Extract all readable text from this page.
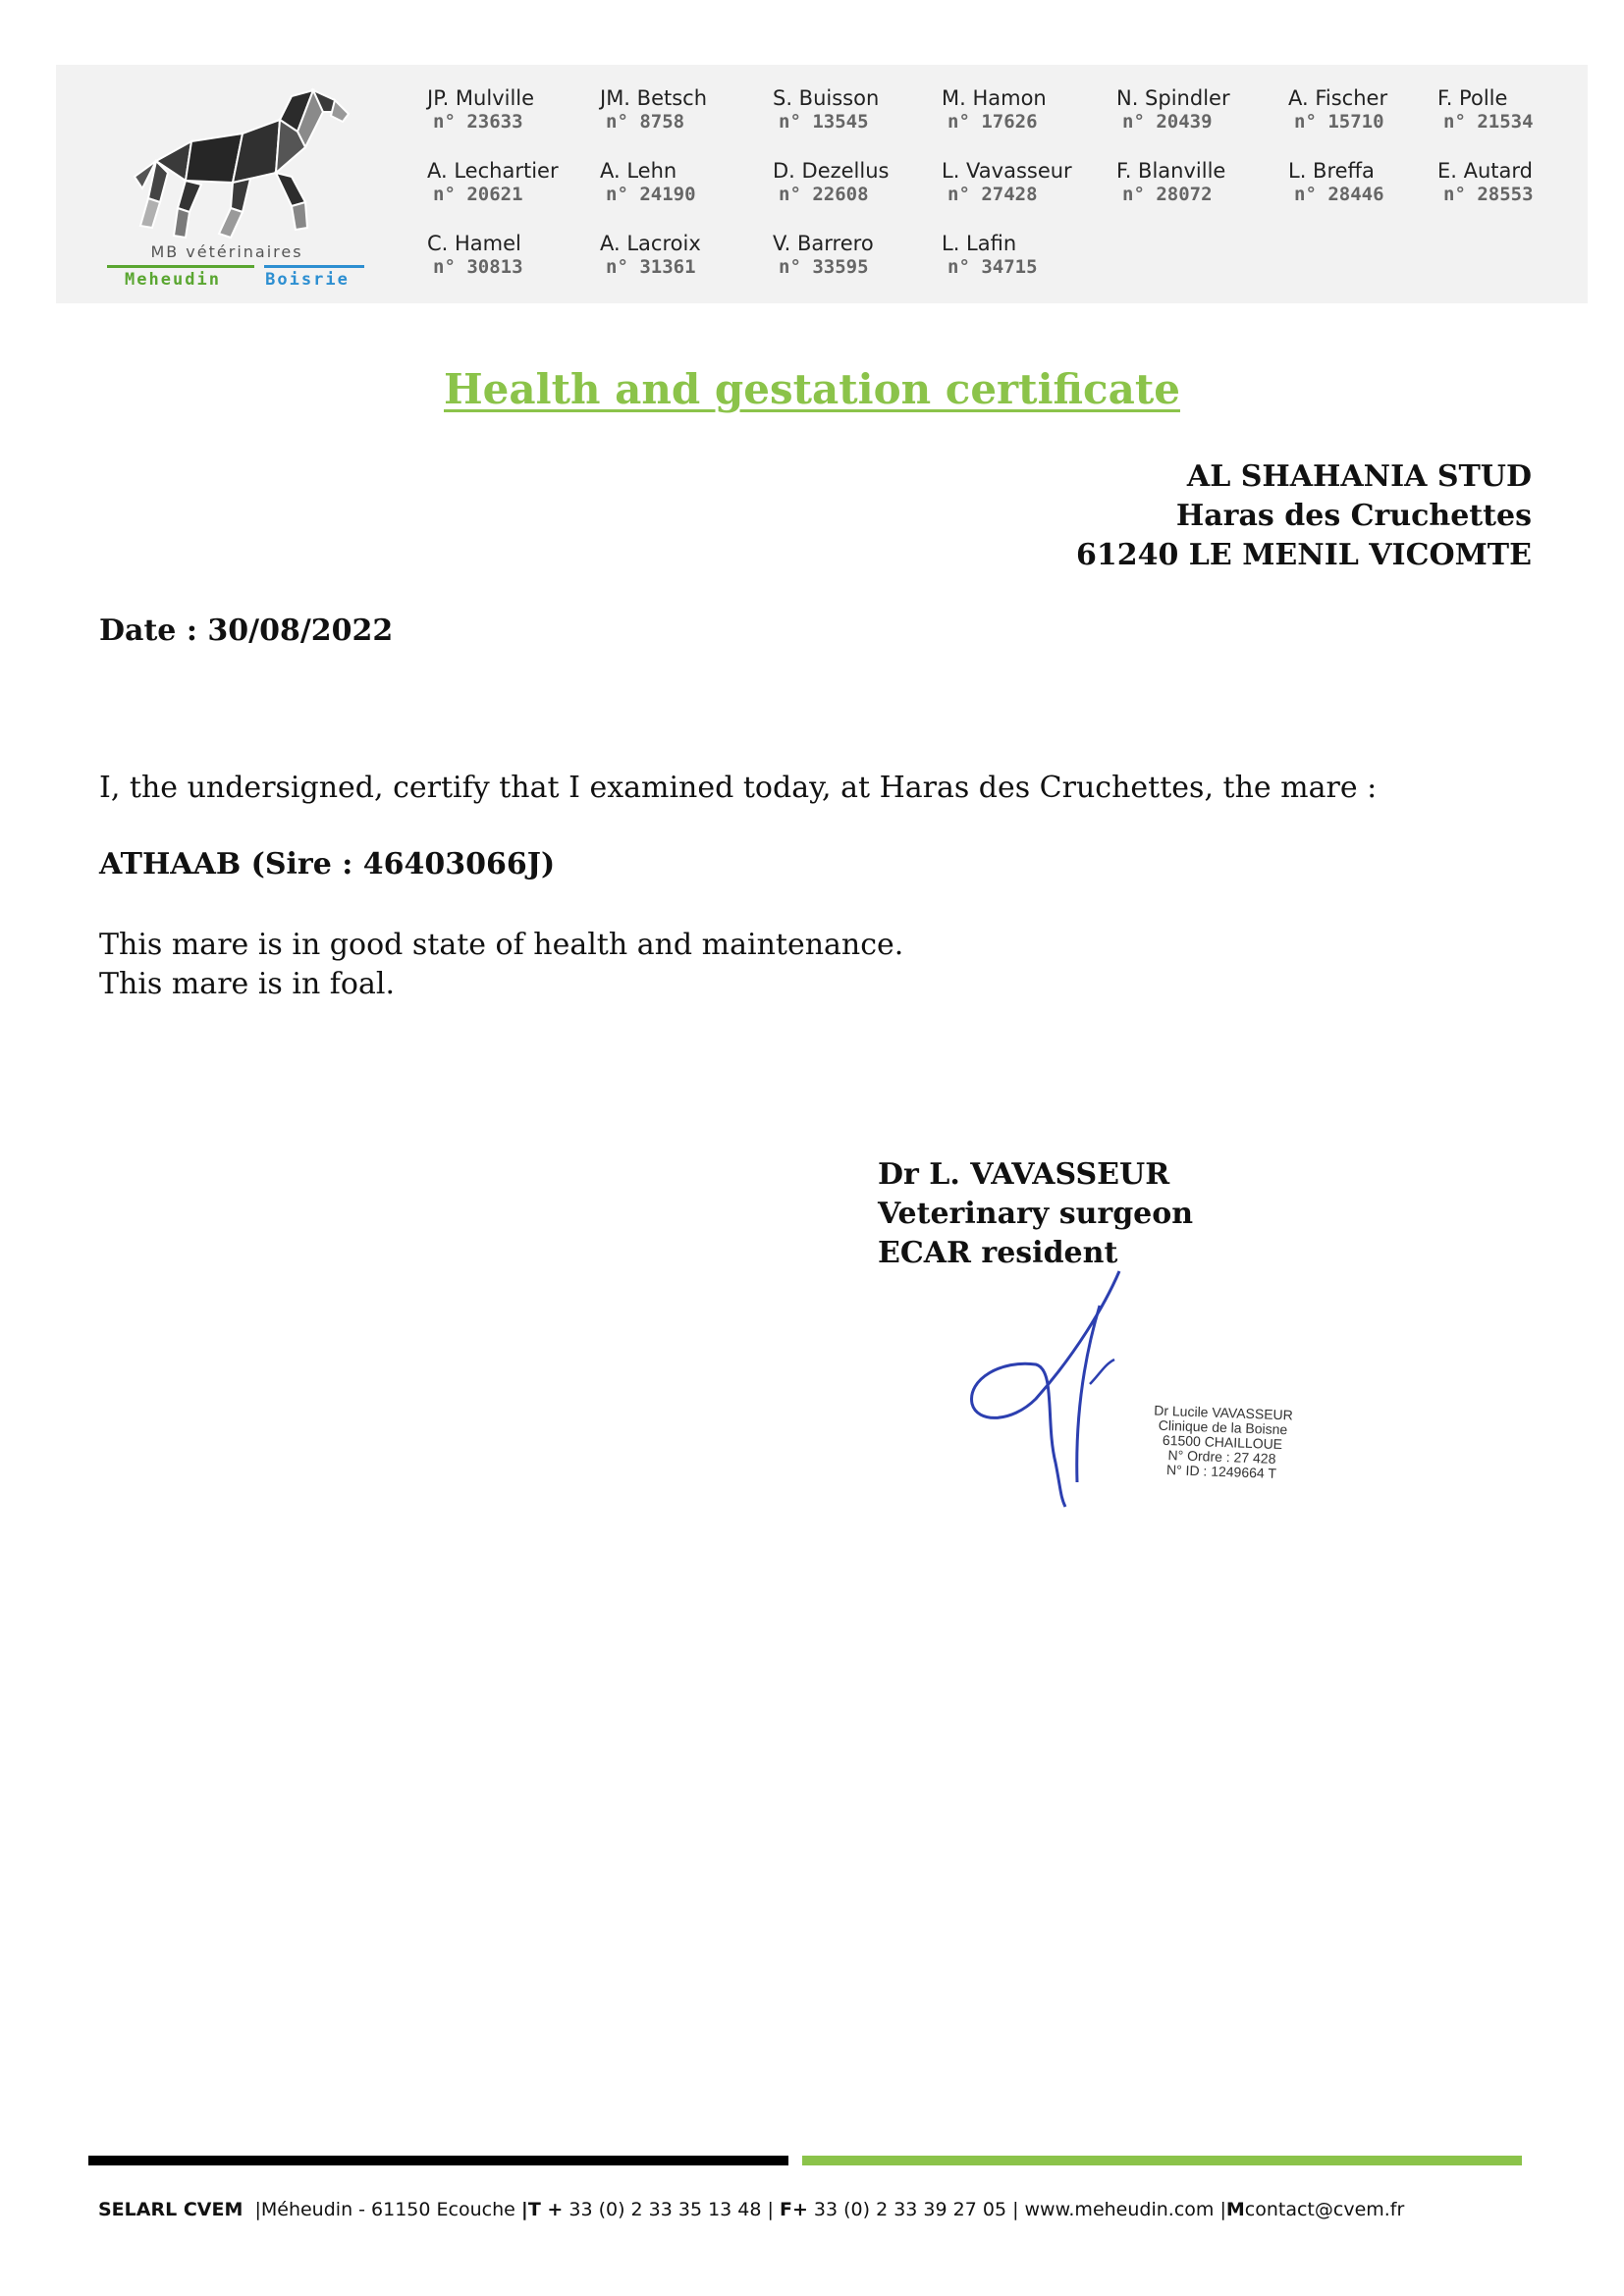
MB vétérinaires
Meheudin	Boisrie
JP. Mulville
n° 23633
JM. Betsch
n° 8758
S. Buisson
n° 13545
M. Hamon
n° 17626
N. Spindler
n° 20439
A. Fischer
n° 15710
F. Polle
n° 21534
A. Lechartier
n° 20621
A. Lehn
n° 24190
D. Dezellus
n° 22608
L. Vavasseur
n° 27428
F. Blanville
n° 28072
L. Breffa
n° 28446
E. Autard
n° 28553
C. Hamel
n° 30813
A. Lacroix
n° 31361
V. Barrero
n° 33595
L. Lafin
n° 34715
Health and gestation certificate
AL SHAHANIA STUD
Haras des Cruchettes
61240 LE MENIL VICOMTE
Date : 30/08/2022
I, the undersigned, certify that I examined today, at Haras des Cruchettes, the mare :
ATHAAB (Sire : 46403066J)
This mare is in good state of health and maintenance.
This mare is in foal.
Dr L. VAVASSEUR
Veterinary surgeon
ECAR resident
Dr Lucile VAVASSEUR
Clinique de la Boisne
61500 CHAILLOUE
N° Ordre : 27 428
N° ID : 1249664 T
SELARL CVEM |Méheudin - 61150 Ecouche |T + 33 (0) 2 33 35 13 48 | F+ 33 (0) 2 33 39 27 05 | www.meheudin.com |Mcontact@cvem.fr
